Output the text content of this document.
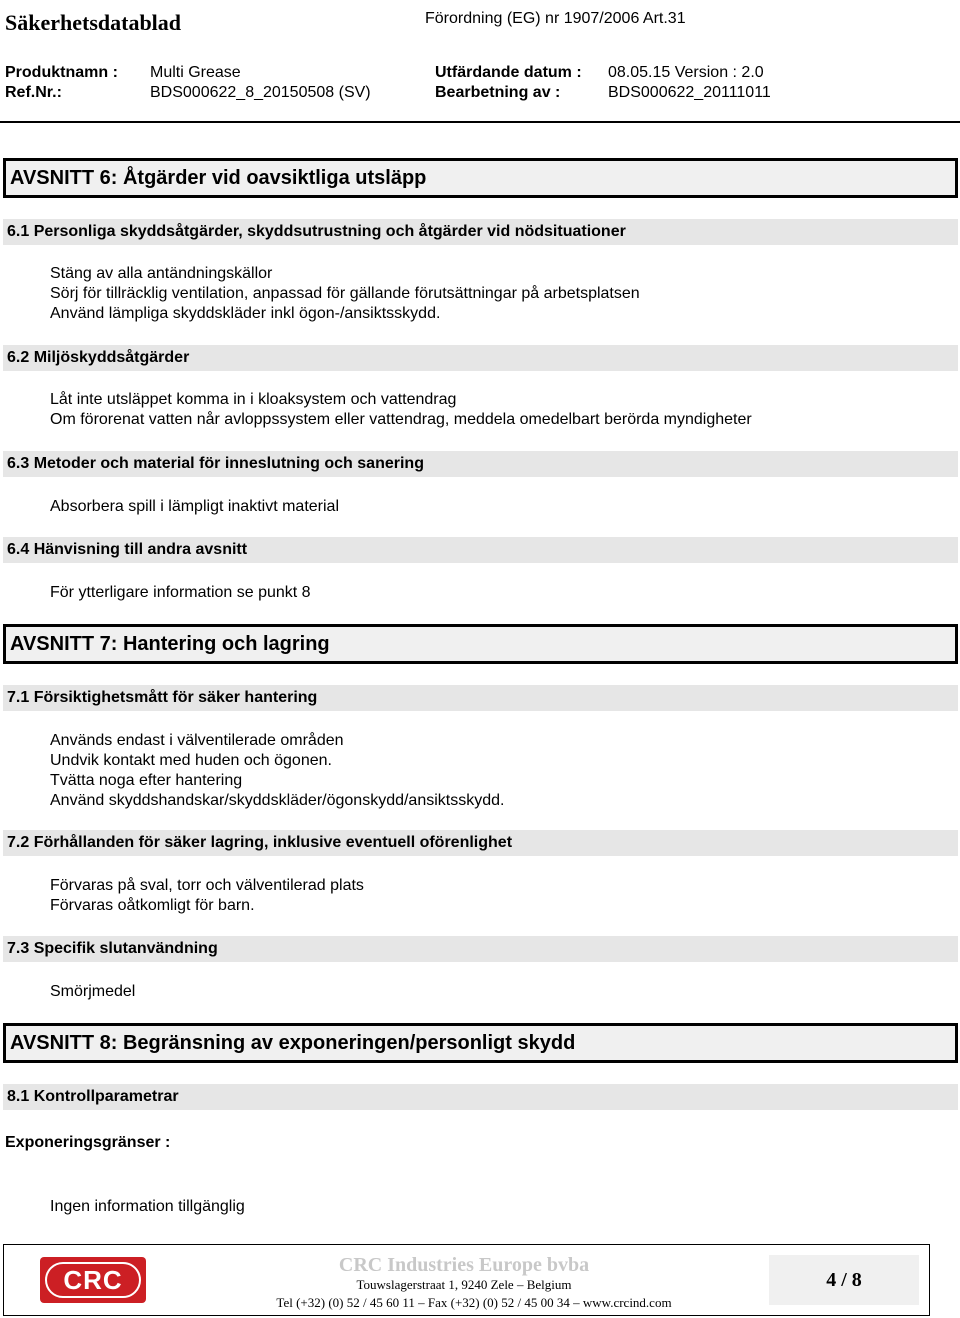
Säkerhetsdatablad	Förordning (EG) nr 1907/2006 Art.31
Produktnamn : Multi Grease	Utfärdande datum : 08.05.15 Version : 2.0
Ref.Nr.:	BDS000622_8_20150508 (SV)	Bearbetning av :	BDS000622_20111011
AVSNITT 6: Åtgärder vid oavsiktliga utsläpp
6.1 Personliga skyddsåtgärder, skyddsutrustning och åtgärder vid nödsituationer
Stäng av alla antändningskällor
Sörj för tillräcklig ventilation, anpassad för gällande förutsättningar på arbetsplatsen
Använd lämpliga skyddskläder inkl ögon-/ansiktsskydd.
6.2 Miljöskyddsåtgärder
Låt inte utsläppet komma in i kloaksystem och vattendrag
Om förorenat vatten når avloppssystem eller vattendrag, meddela omedelbart berörda myndigheter
6.3 Metoder och material för inneslutning och sanering
Absorbera spill i lämpligt inaktivt material
6.4 Hänvisning till andra avsnitt
För ytterligare information se punkt 8
AVSNITT 7: Hantering och lagring
7.1 Försiktighetsmått för säker hantering
Används endast i välventilerade områden
Undvik kontakt med huden och ögonen.
Tvätta noga efter hantering
Använd skyddshandskar/skyddskläder/ögonskydd/ansiktsskydd.
7.2 Förhållanden för säker lagring, inklusive eventuell oförenlighet
Förvaras på sval, torr och välventilerad plats
Förvaras oåtkomligt för barn.
7.3 Specifik slutanvändning
Smörjmedel
AVSNITT 8: Begränsning av exponeringen/personligt skydd
8.1 Kontrollparametrar
Exponeringsgränser :
Ingen information tillgänglig
CRC	CRC Industries Europe bvba
Touwslagerstraat 1, 9240 Zele – Belgium
Tel (+32) (0) 52 / 45 60 11 – Fax (+32) (0) 52 / 45 00 34 – www.crcind.com
4 / 8
